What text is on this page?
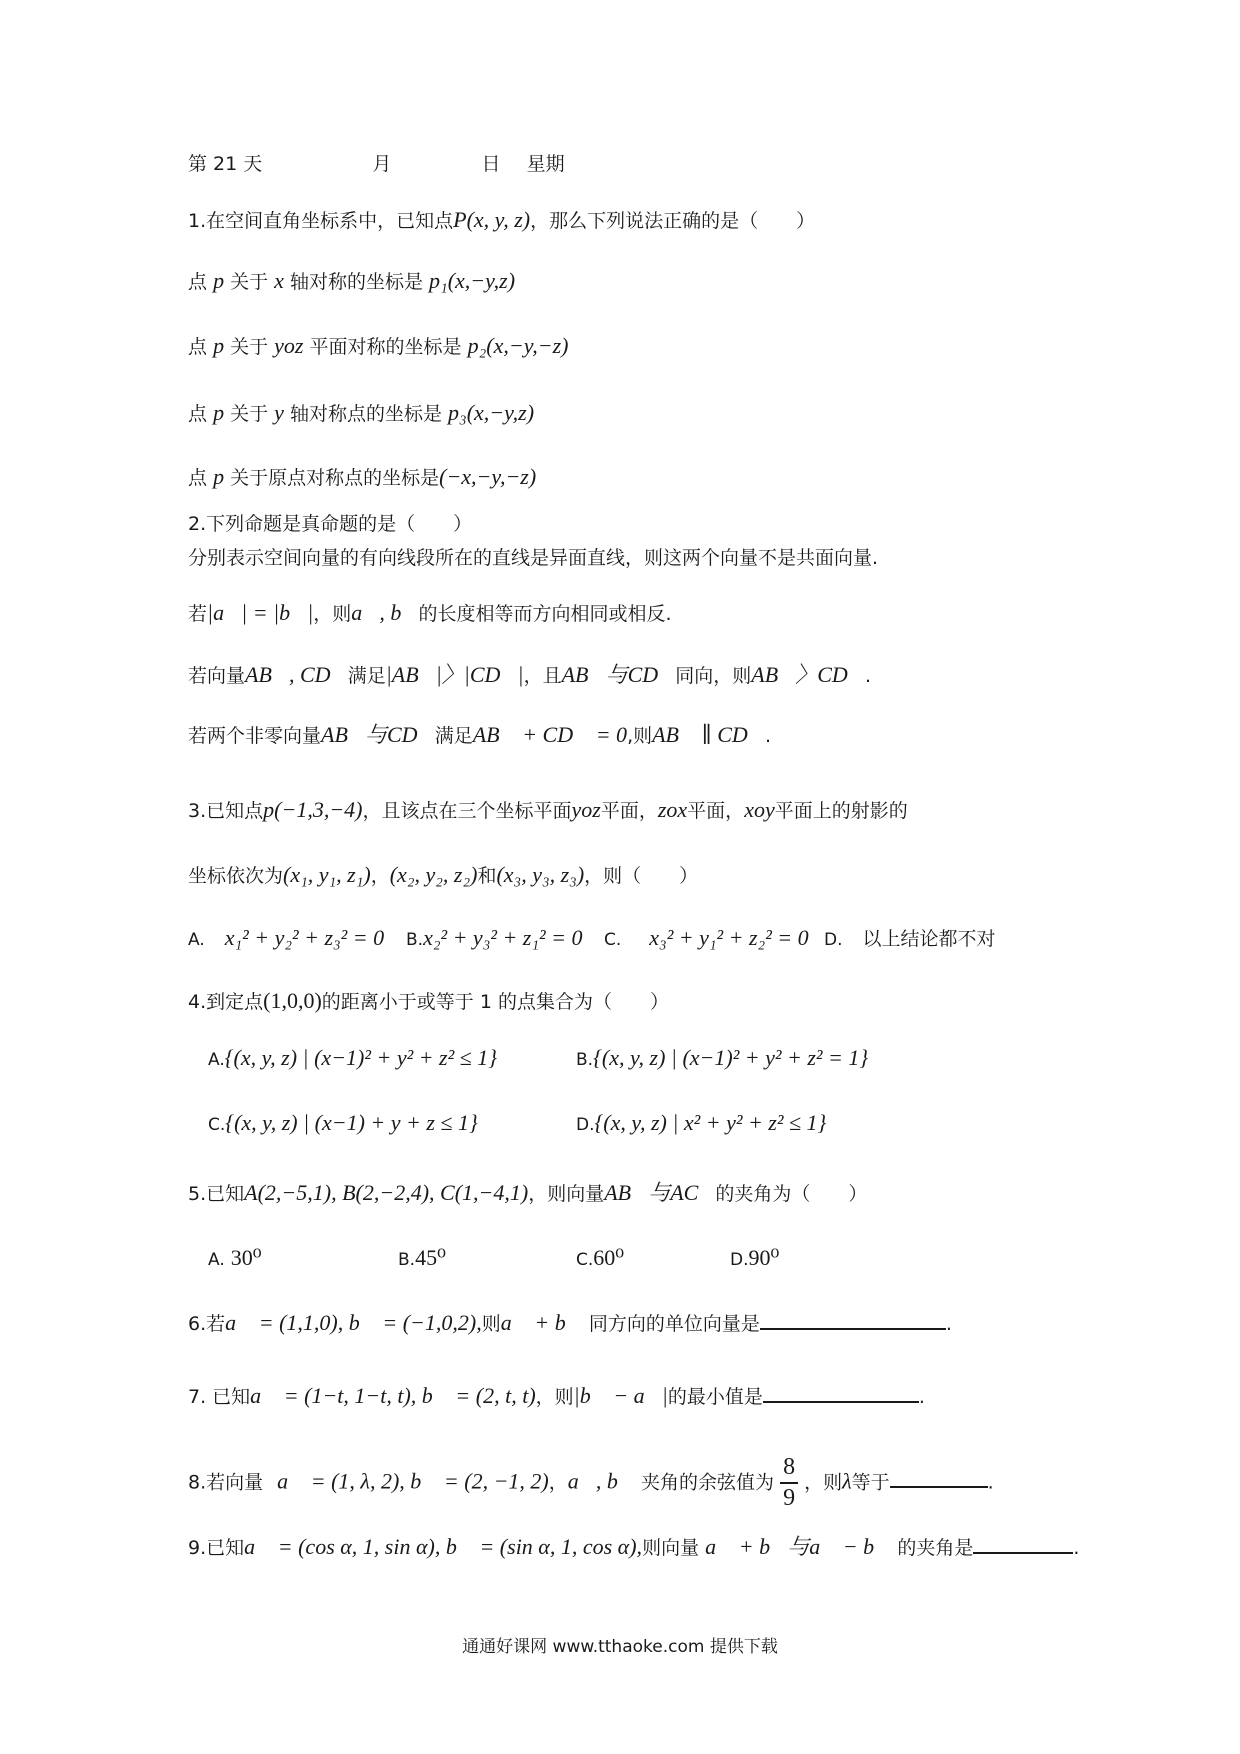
第 21 天	月	日 星期
1.在空间直角坐标系中，已知点P(x, y, z)，那么下列说法正确的是（　　）
点 p 关于 x 轴对称的坐标是 p₁(x,−y,z)
点 p 关于 yoz 平面对称的坐标是 p₂(x,−y,−z)
点 p 关于 y 轴对称点的坐标是 p₃(x,−y,z)
点 p 关于原点对称点的坐标是(−x,−y,−z)
2.下列命题是真命题的是（　　）
分别表示空间向量的有向线段所在的直线是异面直线，则这两个向量不是共面向量.
若|a⃗| = |b⃗|，则a⃗, b⃗的长度相等而方向相同或相反.
若向量AB⃗, CD⃗满足|AB⃗|〉|CD⃗|，且AB⃗与CD⃗同向，则AB⃗〉CD⃗.
若两个非零向量AB⃗与CD⃗满足AB⃗ + CD⃗ = 0,则AB⃗ ∥ CD⃗.
3.已知点p(−1,3,−4)，且该点在三个坐标平面yoz平面，zox平面，xoy平面上的射影的
坐标依次为(x₁, y₁, z₁)，(x₂, y₂, z₂)和(x₃, y₃, z₃)，则（　　）
A. x₁² + y₂² + z₃² = 0 B.x₂² + y₃² + z₁² = 0 C. x₃² + y₁² + z₂² = 0 D. 以上结论都不对
4.到定点(1,0,0)的距离小于或等于 1 的点集合为（　　）
A.{(x, y, z) | (x−1)² + y² + z² ≤ 1}	B.{(x, y, z) | (x−1)² + y² + z² = 1}
C.{(x, y, z) | (x−1) + y + z ≤ 1}	D.{(x, y, z) | x² + y² + z² ≤ 1}
5.已知A(2,−5,1), B(2,−2,4), C(1,−4,1)，则向量AB⃗与AC⃗的夹角为（　　）
A. 30⁰	B.45⁰	C.60⁰	D.90⁰
6.若a⃗ = (1,1,0), b⃗ = (−1,0,2),则a⃗ + b⃗ 同方向的单位向量是	.
7. 已知a⃗ = (1−t, 1−t, t), b⃗ = (2, t, t)，则|b⃗ − a⃗|的最小值是	.
8.若向量 a⃗ = (1, λ, 2), b⃗ = (2, −1, 2)，a⃗, b⃗ 夹角的余弦值为 $\frac{8}{9}$ ，则λ等于	.
9.已知a⃗ = (cos α, 1, sin α), b⃗ = (sin α, 1, cos α),则向量 a⃗ + b⃗与a⃗ − b⃗ 的夹角是	.
通通好课网 www.tthaoke.com 提供下载
